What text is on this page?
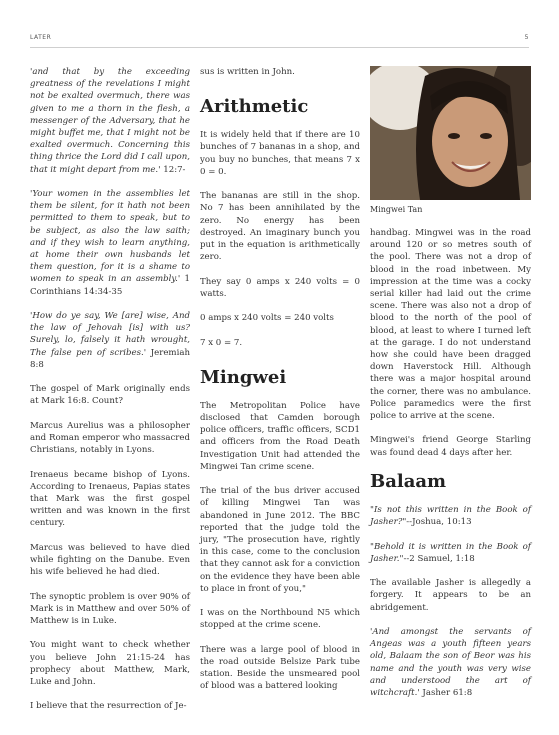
LATER	5

'and that by the exceeding greatness of the revelations I might not be exalted overmuch, there was given to me a thorn in the flesh, a messenger of the Adversary, that he might buffet me, that I might not be exalted overmuch. Concerning this thing thrice the Lord did I call upon, that it might depart from me.' 12:7-

'Your women in the assemblies let them be silent, for it hath not been permitted to them to speak, but to be subject, as also the law saith; and if they wish to learn anything, at home their own husbands let them question, for it is a shame to women to speak in an assembly.' 1 Corinthians 14:34-35

'How do ye say, We [are] wise, And the law of Jehovah [is] with us? Surely, lo, falsely it hath wrought, The false pen of scribes.' Jeremiah 8:8

The gospel of Mark originally ends at Mark 16:8. Count?

Marcus Aurelius was a philosopher and Roman emperor who massacred Christians, notably in Lyons.

Irenaeus became bishop of Lyons. According to Irenaeus, Papias states that Mark was the first gospel written and was known in the first century.

Marcus was believed to have died while fighting on the Danube. Even his wife believed he had died.

The synoptic problem is over 90% of Mark is in Matthew and over 50% of Matthew is in Luke.

You might want to check whether you believe John 21:15-24 has prophecy about Matthew, Mark, Luke and John.

I believe that the resurrection of Je-

sus is written in John.

Arithmetic

It is widely held that if there are 10 bunches of 7 bananas in a shop, and you buy no bunches, that means 7 x 0 = 0.

The bananas are still in the shop. No 7 has been annihilated by the zero. No energy has been destroyed. An imaginary bunch you put in the equation is arithmetically zero.

They say 0 amps x 240 volts = 0 watts.

0 amps x 240 volts = 240 volts

7 x 0 = 7.

Mingwei

The Metropolitan Police have disclosed that Camden borough police officers, traffic officers, SCD1 and officers from the Road Death Investigation Unit had attended the Mingwei Tan crime scene.

The trial of the bus driver accused of killing Mingwei Tan was abandoned in June 2012. The BBC reported that the judge told the jury, "The prosecution have, rightly in this case, come to the conclusion that they cannot ask for a conviction on the evidence they have been able to place in front of you,"

I was on the Northbound N5 which stopped at the crime scene.

There was a large pool of blood in the road outside Belsize Park tube station. Beside the unsmeared pool of blood was a battered looking

Mingwei Tan

handbag. Mingwei was in the road around 120 or so metres south of the pool. There was not a drop of blood in the road inbetween. My impression at the time was a cocky serial killer had laid out the crime scene. There was also not a drop of blood to the north of the pool of blood, at least to where I turned left at the garage. I do not understand how she could have been dragged down Haverstock Hill. Although there was a major hospital around the corner, there was no ambulance. Police paramedics were the first police to arrive at the scene.

Mingwei's friend George Starling was found dead 4 days after her.

Balaam

"Is not this written in the Book of Jasher?"--Joshua, 10:13

"Behold it is written in the Book of Jasher."--2 Samuel, 1:18

The available Jasher is allegedly a forgery. It appears to be an abridgement.

'And amongst the servants of Angeas was a youth fifteen years old, Balaam the son of Beor was his name and the youth was very wise and understood the art of witchcraft.' Jasher 61:8
